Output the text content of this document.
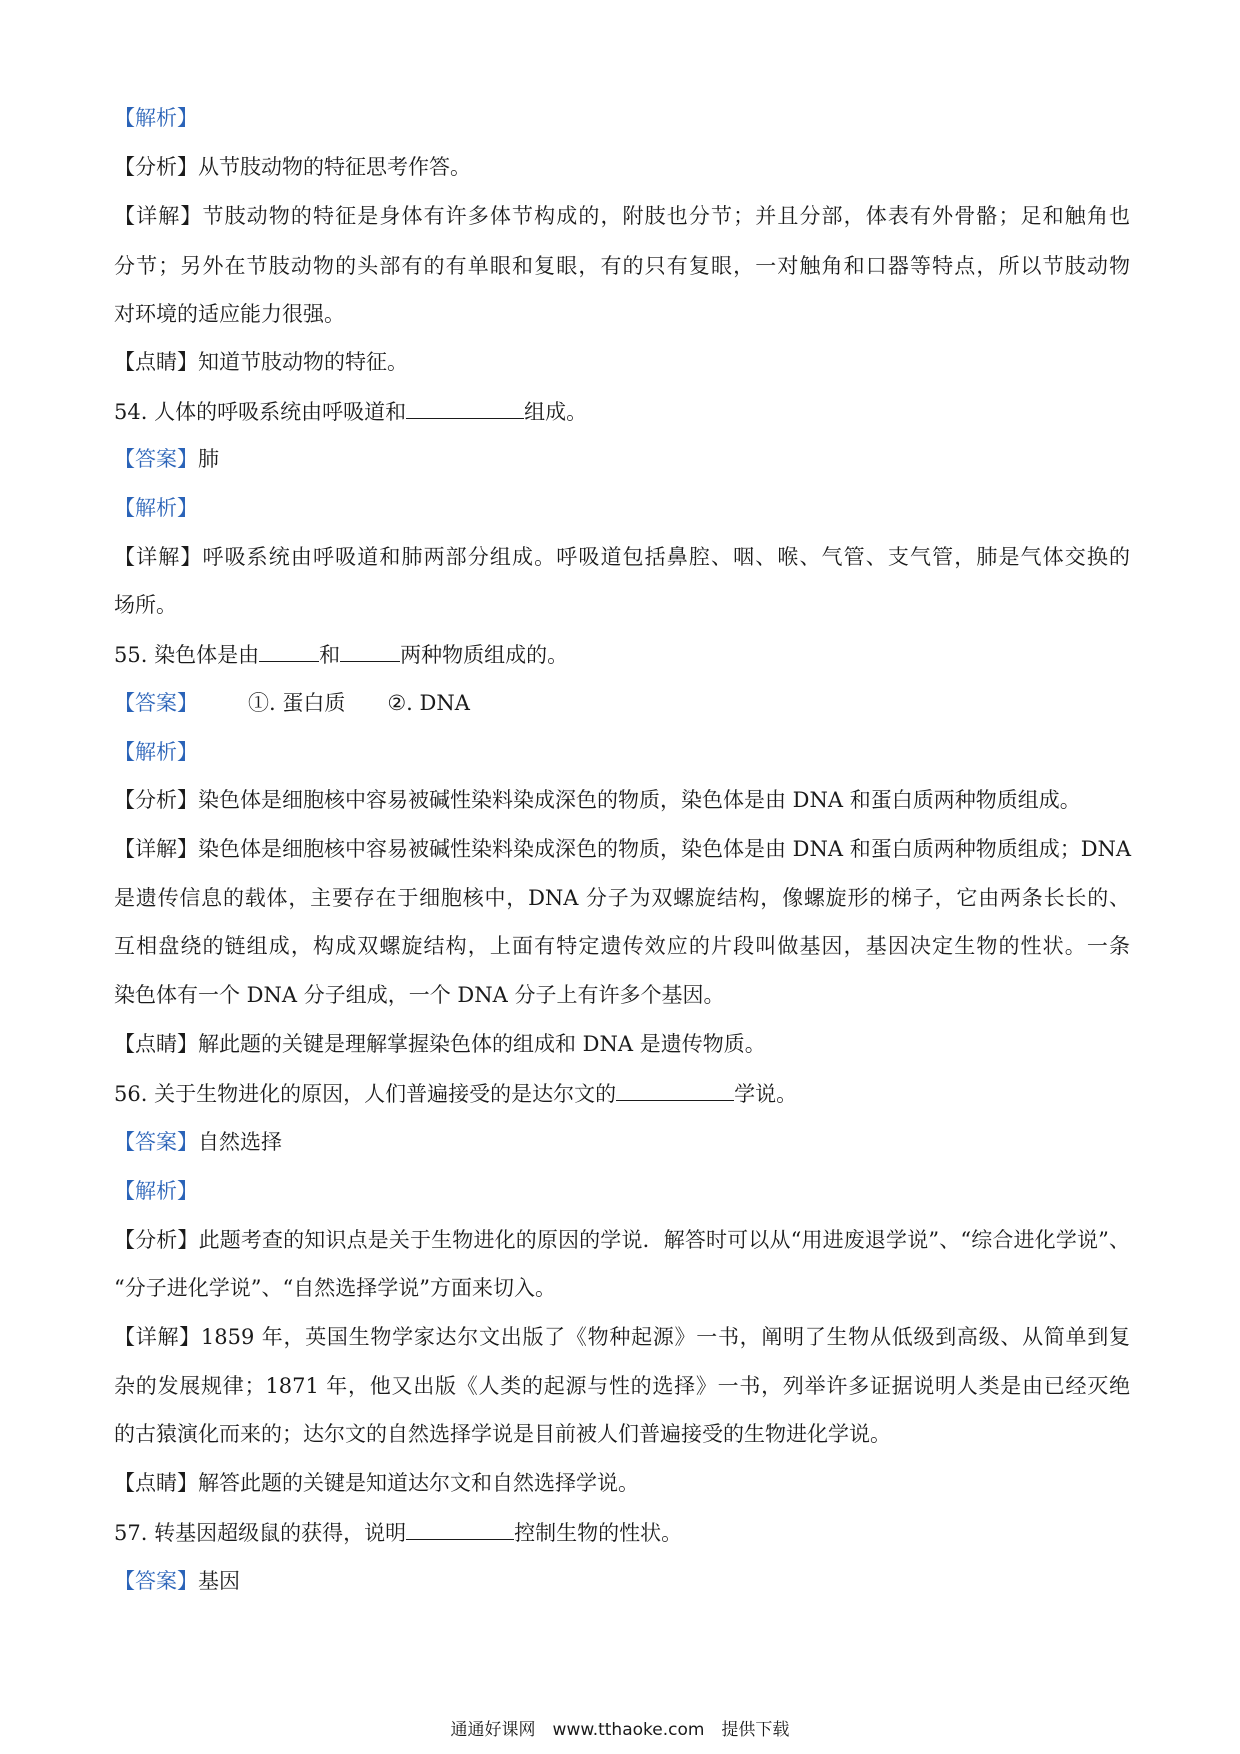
【解析】
【分析】从节肢动物的特征思考作答。
【详解】节肢动物的特征是身体有许多体节构成的，附肢也分节；并且分部，体表有外骨骼；足和触角也
分节；另外在节肢动物的头部有的有单眼和复眼，有的只有复眼，一对触角和口器等特点，所以节肢动物
对环境的适应能力很强。
【点睛】知道节肢动物的特征。
54. 人体的呼吸系统由呼吸道和	组成。
【答案】肺
【解析】
【详解】呼吸系统由呼吸道和肺两部分组成。呼吸道包括鼻腔、咽、喉、气管、支气管，肺是气体交换的
场所。
55. 染色体是由	和	两种物质组成的。
【答案】 ①. 蛋白质 ②. DNA
【解析】
【分析】染色体是细胞核中容易被碱性染料染成深色的物质，染色体是由 DNA 和蛋白质两种物质组成。
【详解】染色体是细胞核中容易被碱性染料染成深色的物质，染色体是由 DNA 和蛋白质两种物质组成；DNA
是遗传信息的载体，主要存在于细胞核中，DNA 分子为双螺旋结构，像螺旋形的梯子，它由两条长长的、
互相盘绕的链组成，构成双螺旋结构，上面有特定遗传效应的片段叫做基因，基因决定生物的性状。一条
染色体有一个 DNA 分子组成，一个 DNA 分子上有许多个基因。
【点睛】解此题的关键是理解掌握染色体的组成和 DNA 是遗传物质。
56. 关于生物进化的原因，人们普遍接受的是达尔文的	学说。
【答案】自然选择
【解析】
【分析】此题考查的知识点是关于生物进化的原因的学说．解答时可以从“用进废退学说”、“综合进化学说”、
“分子进化学说”、“自然选择学说”方面来切入。
【详解】1859 年，英国生物学家达尔文出版了《物种起源》一书，阐明了生物从低级到高级、从简单到复
杂的发展规律；1871 年，他又出版《人类的起源与性的选择》一书，列举许多证据说明人类是由已经灭绝
的古猿演化而来的；达尔文的自然选择学说是目前被人们普遍接受的生物进化学说。
【点睛】解答此题的关键是知道达尔文和自然选择学说。
57. 转基因超级鼠的获得，说明	控制生物的性状。
【答案】基因
通通好课网　www.tthaoke.com　提供下载
